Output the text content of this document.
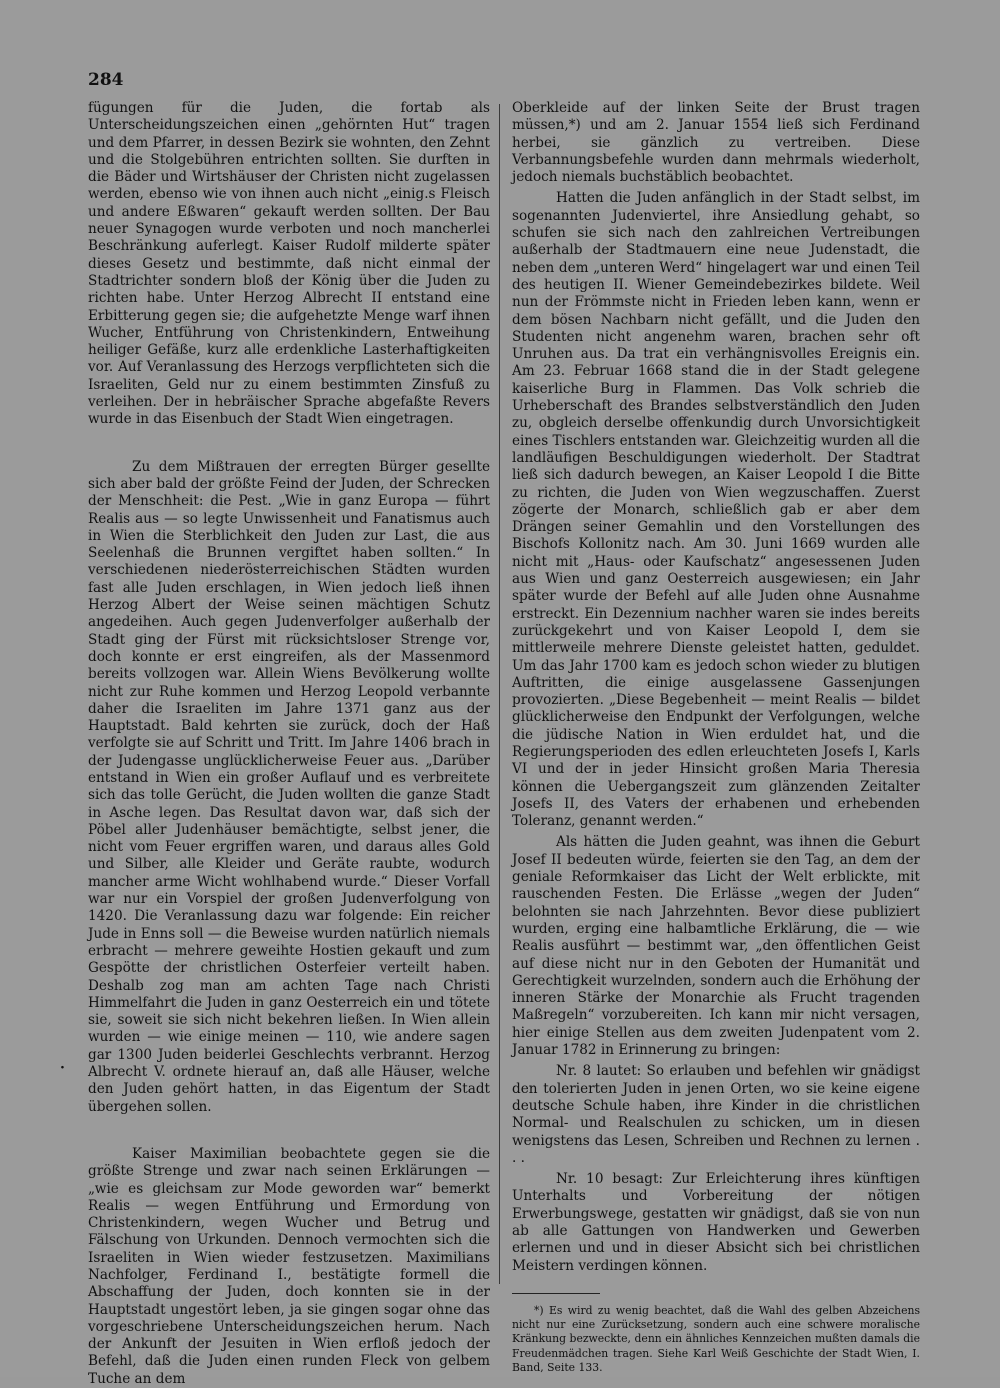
284

fügungen für die Juden, die fortab als Unterscheidungszeichen einen „gehörnten Hut“ tragen und dem Pfarrer, in dessen Bezirk sie wohnten, den Zehnt und die Stolgebühren entrichten sollten. Sie durften in die Bäder und Wirtshäuser der Christen nicht zugelassen werden, ebenso wie von ihnen auch nicht „einig.s Fleisch und andere Eßwaren“ gekauft werden sollten. Der Bau neuer Synagogen wurde verboten und noch mancherlei Beschränkung auferlegt. Kaiser Rudolf milderte später dieses Gesetz und bestimmte, daß nicht einmal der Stadtrichter sondern bloß der König über die Juden zu richten habe. Unter Herzog Albrecht II entstand eine Erbitterung gegen sie; die aufgehetzte Menge warf ihnen Wucher, Entführung von Christenkindern, Entweihung heiliger Gefäße, kurz alle erdenkliche Lasterhaftigkeiten vor. Auf Veranlassung des Herzogs verpflichteten sich die Israeliten, Geld nur zu einem bestimmten Zinsfuß zu verleihen. Der in hebräischer Sprache abgefaßte Revers wurde in das Eisenbuch der Stadt Wien eingetragen.

Zu dem Mißtrauen der erregten Bürger gesellte sich aber bald der größte Feind der Juden, der Schrecken der Menschheit: die Pest. „Wie in ganz Europa — führt Realis aus — so legte Unwissenheit und Fanatismus auch in Wien die Sterblichkeit den Juden zur Last, die aus Seelenhaß die Brunnen vergiftet haben sollten.“ In verschiedenen niederösterreichischen Städten wurden fast alle Juden erschlagen, in Wien jedoch ließ ihnen Herzog Albert der Weise seinen mächtigen Schutz angedeihen. Auch gegen Judenverfolger außerhalb der Stadt ging der Fürst mit rücksichtsloser Strenge vor, doch konnte er erst eingreifen, als der Massenmord bereits vollzogen war. Allein Wiens Bevölkerung wollte nicht zur Ruhe kommen und Herzog Leopold verbannte daher die Israeliten im Jahre 1371 ganz aus der Hauptstadt. Bald kehrten sie zurück, doch der Haß verfolgte sie auf Schritt und Tritt. Im Jahre 1406 brach in der Judengasse unglücklicherweise Feuer aus. „Darüber entstand in Wien ein großer Auflauf und es verbreitete sich das tolle Gerücht, die Juden wollten die ganze Stadt in Asche legen. Das Resultat davon war, daß sich der Pöbel aller Judenhäuser bemächtigte, selbst jener, die nicht vom Feuer ergriffen waren, und daraus alles Gold und Silber, alle Kleider und Geräte raubte, wodurch mancher arme Wicht wohlhabend wurde.“ Dieser Vorfall war nur ein Vorspiel der großen Judenverfolgung von 1420. Die Veranlassung dazu war folgende: Ein reicher Jude in Enns soll — die Beweise wurden natürlich niemals erbracht — mehrere geweihte Hostien gekauft und zum Gespötte der christlichen Osterfeier verteilt haben. Deshalb zog man am achten Tage nach Christi Himmelfahrt die Juden in ganz Oesterreich ein und tötete sie, soweit sie sich nicht bekehren ließen. In Wien allein wurden — wie einige meinen — 110, wie andere sagen gar 1300 Juden beiderlei Geschlechts verbrannt. Herzog Albrecht V. ordnete hierauf an, daß alle Häuser, welche den Juden gehört hatten, in das Eigentum der Stadt übergehen sollen.

Kaiser Maximilian beobachtete gegen sie die größte Strenge und zwar nach seinen Erklärungen — „wie es gleichsam zur Mode geworden war“ bemerkt Realis — wegen Entführung und Ermordung von Christenkindern, wegen Wucher und Betrug und Fälschung von Urkunden. Dennoch vermochten sich die Israeliten in Wien wieder festzusetzen. Maximilians Nachfolger, Ferdinand I., bestätigte formell die Abschaffung der Juden, doch konnten sie in der Hauptstadt ungestört leben, ja sie gingen sogar ohne das vorgeschriebene Unterscheidungszeichen herum. Nach der Ankunft der Jesuiten in Wien erfloß jedoch der Befehl, daß die Juden einen runden Fleck von gelbem Tuche an dem

·

Oberkleide auf der linken Seite der Brust tragen müssen,*) und am 2. Januar 1554 ließ sich Ferdinand herbei, sie gänzlich zu vertreiben. Diese Verbannungsbefehle wurden dann mehrmals wiederholt, jedoch niemals buchstäblich beobachtet.

Hatten die Juden anfänglich in der Stadt selbst, im sogenannten Judenviertel, ihre Ansiedlung gehabt, so schufen sie sich nach den zahlreichen Vertreibungen außerhalb der Stadtmauern eine neue Judenstadt, die neben dem „unteren Werd“ hingelagert war und einen Teil des heutigen II. Wiener Gemeindebezirkes bildete. Weil nun der Frömmste nicht in Frieden leben kann, wenn er dem bösen Nachbarn nicht gefällt, und die Juden den Studenten nicht angenehm waren, brachen sehr oft Unruhen aus. Da trat ein verhängnisvolles Ereignis ein. Am 23. Februar 1668 stand die in der Stadt gelegene kaiserliche Burg in Flammen. Das Volk schrieb die Urheberschaft des Brandes selbstverständlich den Juden zu, obgleich derselbe offenkundig durch Unvorsichtigkeit eines Tischlers entstanden war. Gleichzeitig wurden all die landläufigen Beschuldigungen wiederholt. Der Stadtrat ließ sich dadurch bewegen, an Kaiser Leopold I die Bitte zu richten, die Juden von Wien wegzuschaffen. Zuerst zögerte der Monarch, schließlich gab er aber dem Drängen seiner Gemahlin und den Vorstellungen des Bischofs Kollonitz nach. Am 30. Juni 1669 wurden alle nicht mit „Haus- oder Kaufschatz“ angesessenen Juden aus Wien und ganz Oesterreich ausgewiesen; ein Jahr später wurde der Befehl auf alle Juden ohne Ausnahme erstreckt. Ein Dezennium nachher waren sie indes bereits zurückgekehrt und von Kaiser Leopold I, dem sie mittlerweile mehrere Dienste geleistet hatten, geduldet. Um das Jahr 1700 kam es jedoch schon wieder zu blutigen Auftritten, die einige ausgelassene Gassenjungen provozierten. „Diese Begebenheit — meint Realis — bildet glücklicherweise den Endpunkt der Verfolgungen, welche die jüdische Nation in Wien erduldet hat, und die Regierungsperioden des edlen erleuchteten Josefs I, Karls VI und der in jeder Hinsicht großen Maria Theresia können die Uebergangszeit zum glänzenden Zeitalter Josefs II, des Vaters der erhabenen und erhebenden Toleranz, genannt werden.“

Als hätten die Juden geahnt, was ihnen die Geburt Josef II bedeuten würde, feierten sie den Tag, an dem der geniale Reformkaiser das Licht der Welt erblickte, mit rauschenden Festen. Die Erlässe „wegen der Juden“ belohnten sie nach Jahrzehnten. Bevor diese publiziert wurden, erging eine halbamtliche Erklärung, die — wie Realis ausführt — bestimmt war, „den öffentlichen Geist auf diese nicht nur in den Geboten der Humanität und Gerechtigkeit wurzelnden, sondern auch die Erhöhung der inneren Stärke der Monarchie als Frucht tragenden Maßregeln“ vorzubereiten. Ich kann mir nicht versagen, hier einige Stellen aus dem zweiten Judenpatent vom 2. Januar 1782 in Erinnerung zu bringen:

Nr. 8 lautet: So erlauben und befehlen wir gnädigst den tolerierten Juden in jenen Orten, wo sie keine eigene deutsche Schule haben, ihre Kinder in die christlichen Normal- und Realschulen zu schicken, um in diesen wenigstens das Lesen, Schreiben und Rechnen zu lernen . . .

Nr. 10 besagt: Zur Erleichterung ihres künftigen Unterhalts und Vorbereitung der nötigen Erwerbungswege, gestatten wir gnädigst, daß sie von nun ab alle Gattungen von Handwerken und Gewerben erlernen und und in dieser Absicht sich bei christlichen Meistern verdingen können.

*) Es wird zu wenig beachtet, daß die Wahl des gelben Abzeichens nicht nur eine Zurücksetzung, sondern auch eine schwere moralische Kränkung bezweckte, denn ein ähnliches Kennzeichen mußten damals die Freudenmädchen tragen. Siehe Karl Weiß Geschichte der Stadt Wien, I. Band, Seite 133.
